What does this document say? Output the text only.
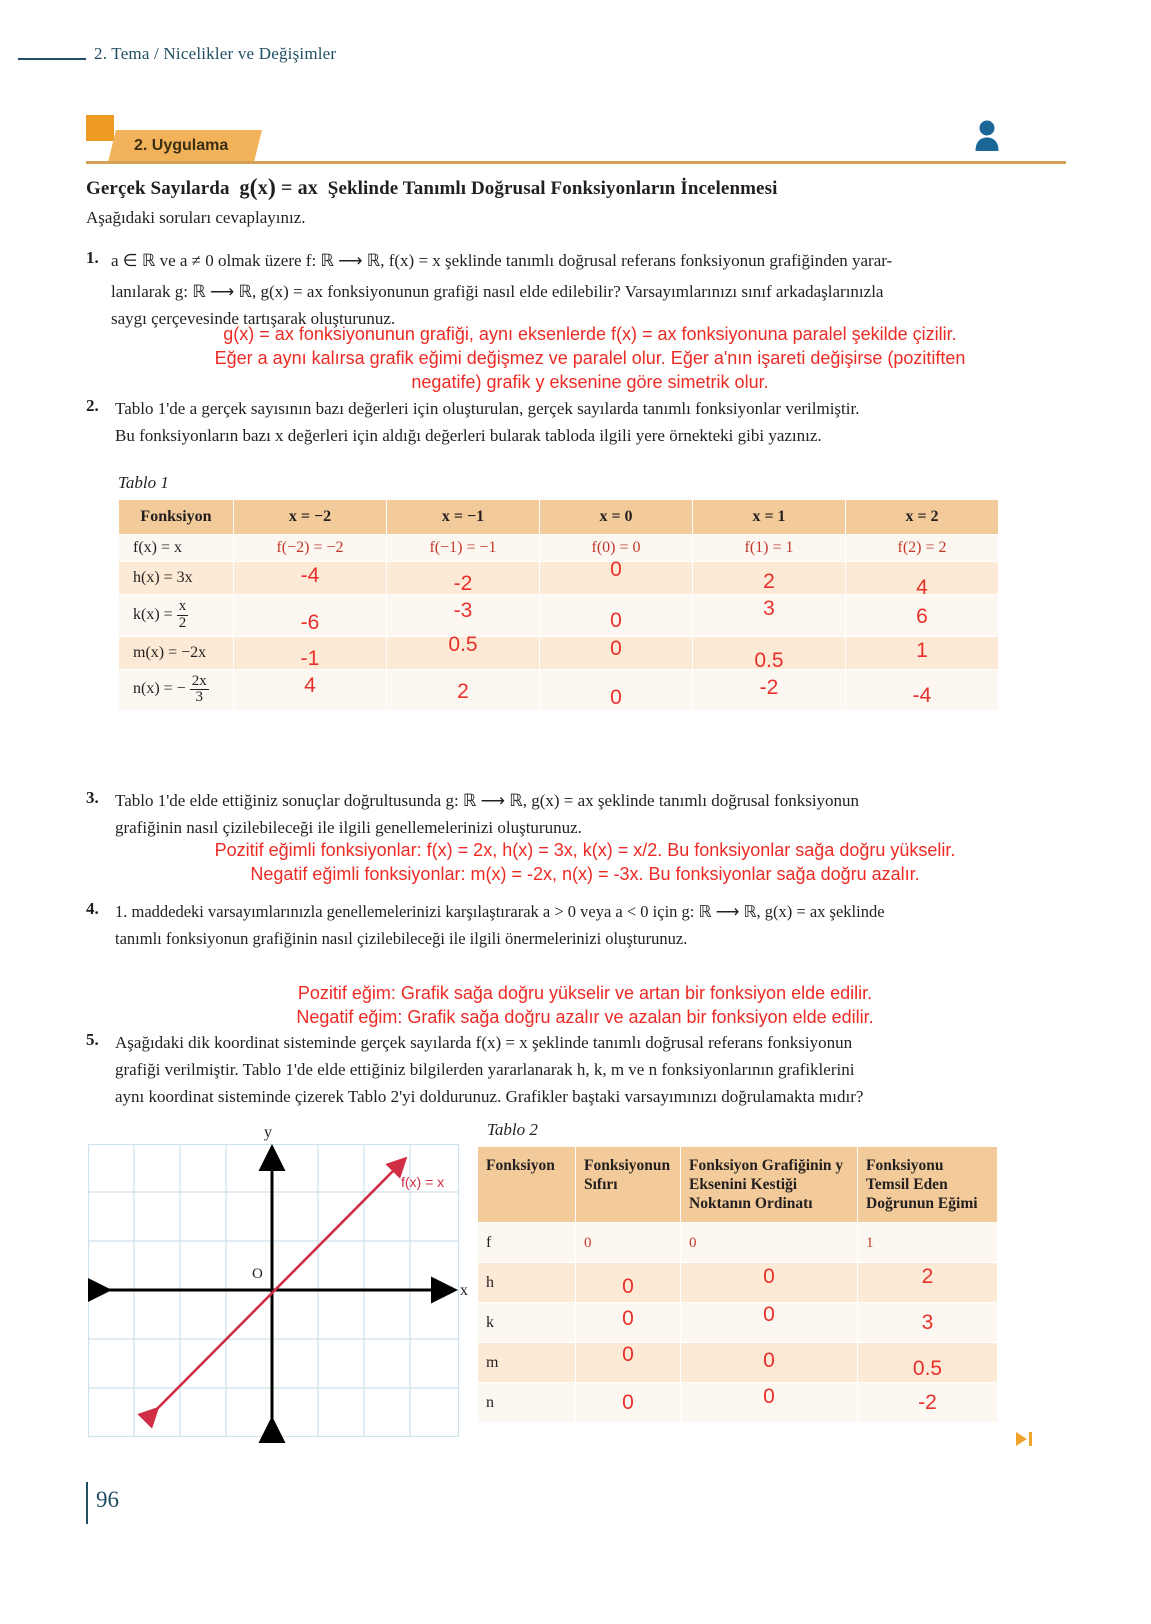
2. Tema / Nicelikler ve Değişimler
2. Uygulama
Gerçek Sayılarda  g(x) = ax  Şeklinde Tanımlı Doğrusal Fonksiyonların İncelenmesi
Aşağıdaki soruları cevaplayınız.
1. a ∈ ℝ ve a ≠ 0 olmak üzere f: ℝ ⟶ ℝ, f(x) = x şeklinde tanımlı doğrusal referans fonksiyonun grafiğinden yarar-
lanılarak g: ℝ ⟶ ℝ, g(x) = ax fonksiyonunun grafiği nasıl elde edilebilir? Varsayımlarınızı sınıf arkadaşlarınızla
saygı çerçevesinde tartışarak oluşturunuz.
g(x) = ax fonksiyonunun grafiği, aynı eksenlerde f(x) = ax fonksiyonuna paralel şekilde çizilir.
Eğer a aynı kalırsa grafik eğimi değişmez ve paralel olur. Eğer a'nın işareti değişirse (pozitiften
negatife) grafik y eksenine göre simetrik olur.
2. Tablo 1'de a gerçek sayısının bazı değerleri için oluşturulan, gerçek sayılarda tanımlı fonksiyonlar verilmiştir.
Bu fonksiyonların bazı x değerleri için aldığı değerleri bularak tabloda ilgili yere örnekteki gibi yazınız.
Tablo 1
Fonksiyon	x = −2	x = −1	x = 0	x = 1	x = 2
f(x) = x	f(−2) = −2	f(−1) = −1	f(0) = 0	f(1) = 1	f(2) = 2
h(x) = 3x	-4	-2	0	2	4
$k(x) = \frac{x}{2}$	-6	-3	0	3	6
m(x) = −2x	-1	0.5	0	0.5	1
n(x) = − $\frac{2x}{3}$	4	2	0	-2	-4
3. Tablo 1'de elde ettiğiniz sonuçlar doğrultusunda g: ℝ ⟶ ℝ, g(x) = ax şeklinde tanımlı doğrusal fonksiyonun
grafiğinin nasıl çizilebileceği ile ilgili genellemelerinizi oluşturunuz.
Pozitif eğimli fonksiyonlar: f(x) = 2x, h(x) = 3x, k(x) = x/2. Bu fonksiyonlar sağa doğru yükselir.
Negatif eğimli fonksiyonlar: m(x) = -2x, n(x) = -3x. Bu fonksiyonlar sağa doğru azalır.
4. 1. maddedeki varsayımlarınızla genellemelerinizi karşılaştırarak a > 0 veya a < 0 için g: ℝ ⟶ ℝ, g(x) = ax şeklinde
tanımlı fonksiyonun grafiğinin nasıl çizilebileceği ile ilgili önermelerinizi oluşturunuz.
Pozitif eğim: Grafik sağa doğru yükselir ve artan bir fonksiyon elde edilir.
Negatif eğim: Grafik sağa doğru azalır ve azalan bir fonksiyon elde edilir.
5. Aşağıdaki dik koordinat sisteminde gerçek sayılarda f(x) = x şeklinde tanımlı doğrusal referans fonksiyonun
grafiği verilmiştir. Tablo 1'de elde ettiğiniz bilgilerden yararlanarak h, k, m ve n fonksiyonlarının grafiklerini
aynı koordinat sisteminde çizerek Tablo 2'yi doldurunuz. Grafikler baştaki varsayımınızı doğrulamakta mıdır?
y
x
O
f(x) = x
Tablo 2
Fonksiyon	Fonksiyonun Sıfırı	Fonksiyon Grafiğinin y Eksenini Kestiği Noktanın Ordinatı	Fonksiyonu Temsil Eden Doğrunun Eğimi
f	0	0	1
h	0	0	2
k	0	0	3
m	0	0	0.5
n	0	0	-2
96
